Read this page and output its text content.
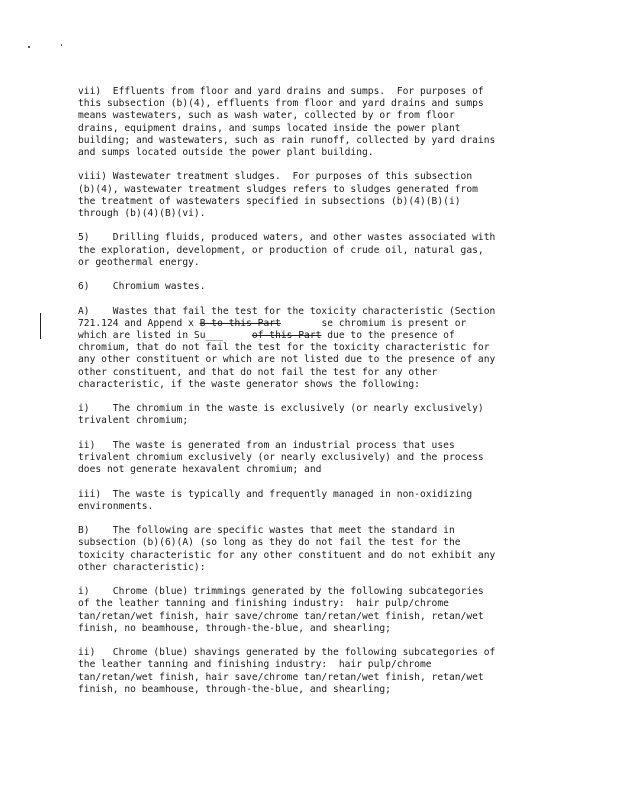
vii)  Effluents from floor and yard drains and sumps.  For purposes of
this subsection (b)(4), effluents from floor and yard drains and sumps
means wastewaters, such as wash water, collected by or from floor
drains, equipment drains, and sumps located inside the power plant
building; and wastewaters, such as rain runoff, collected by yard drains
and sumps located outside the power plant building.
viii) Wastewater treatment sludges.  For purposes of this subsection
(b)(4), wastewater treatment sludges refers to sludges generated from
the treatment of wastewaters specified in subsections (b)(4)(B)(i)
through (b)(4)(B)(vi).
5)    Drilling fluids, produced waters, and other wastes associated with
the exploration, development, or production of crude oil, natural gas,
or geothermal energy.
6)    Chromium wastes.
A)    Wastes that fail the test for the toxicity characteristic (Section
721.124 and Append x B to this Part       se chromium is present or
which are listed in Su___     of this Part due to the presence of
chromium, that do not fail the test for the toxicity characteristic for
any other constituent or which are not listed due to the presence of any
other constituent, and that do not fail the test for any other
characteristic, if the waste generator shows the following:
i)    The chromium in the waste is exclusively (or nearly exclusively)
trivalent chromium;
ii)   The waste is generated from an industrial process that uses
trivalent chromium exclusively (or nearly exclusively) and the process
does not generate hexavalent chromium; and
iii)  The waste is typically and frequently managed in non-oxidizing
environments.
B)    The following are specific wastes that meet the standard in
subsection (b)(6)(A) (so long as they do not fail the test for the
toxicity characteristic for any other constituent and do not exhibit any
other characteristic):
i)    Chrome (blue) trimmings generated by the following subcategories
of the leather tanning and finishing industry:  hair pulp/chrome
tan/retan/wet finish, hair save/chrome tan/retan/wet finish, retan/wet
finish, no beamhouse, through-the-blue, and shearling;
ii)   Chrome (blue) shavings generated by the following subcategories of
the leather tanning and finishing industry:  hair pulp/chrome
tan/retan/wet finish, hair save/chrome tan/retan/wet finish, retan/wet
finish, no beamhouse, through-the-blue, and shearling;
